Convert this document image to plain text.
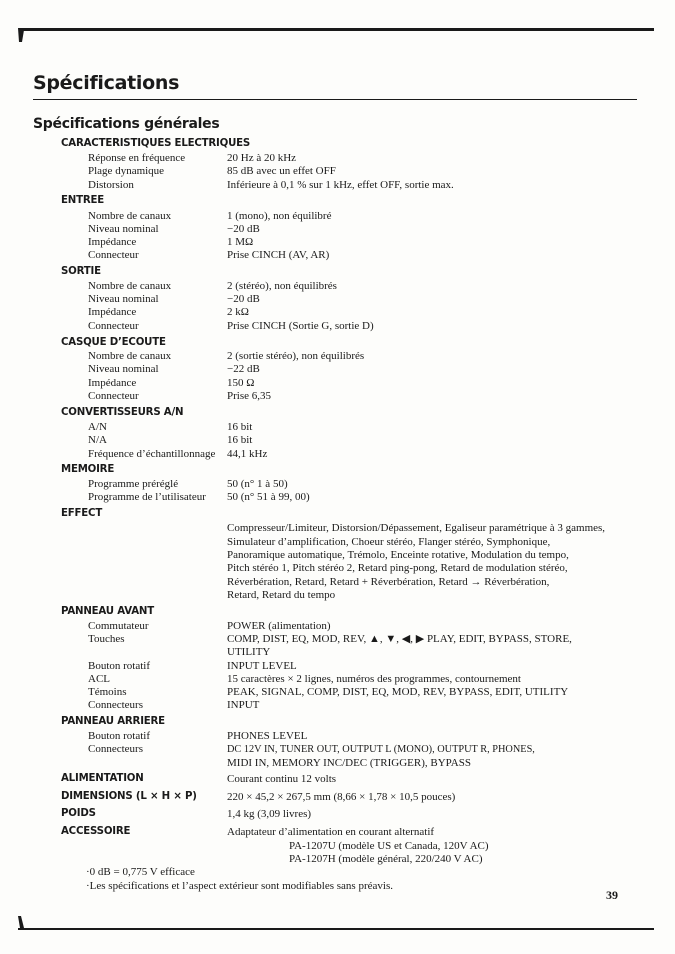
Spécifications
Spécifications générales
CARACTERISTIQUES ELECTRIQUES
Réponse en fréquence	20 Hz à 20 kHz
Plage dynamique	85 dB avec un effet OFF
Distorsion	Inférieure à 0,1 % sur 1 kHz, effet OFF, sortie max.
ENTREE
Nombre de canaux	1 (mono), non équilibré
Niveau nominal	−20 dB
Impédance	1 MΩ
Connecteur	Prise CINCH (AV, AR)
SORTIE
Nombre de canaux	2 (stéréo), non équilibrés
Niveau nominal	−20 dB
Impédance	2 kΩ
Connecteur	Prise CINCH (Sortie G, sortie D)
CASQUE D’ECOUTE
Nombre de canaux	2 (sortie stéréo), non équilibrés
Niveau nominal	−22 dB
Impédance	150 Ω
Connecteur	Prise 6,35
CONVERTISSEURS A/N
A/N	16 bit
N/A	16 bit
Fréquence d’échantillonnage 44,1 kHz
MEMOIRE
Programme préréglé	50 (n° 1 à 50)
Programme de l’utilisateur 50 (n° 51 à 99, 00)
EFFECT
Compresseur/Limiteur, Distorsion/Dépassement, Egaliseur paramétrique à 3 gammes,
Simulateur d’amplification, Choeur stéréo, Flanger stéréo, Symphonique,
Panoramique automatique, Trémolo, Enceinte rotative, Modulation du tempo,
Pitch stéréo 1, Pitch stéréo 2, Retard ping-pong, Retard de modulation stéréo,
Réverbération, Retard, Retard + Réverbération, Retard → Réverbération,
Retard, Retard du tempo
PANNEAU AVANT
Commutateur	POWER (alimentation)
Touches	COMP, DIST, EQ, MOD, REV, ▲, ▼, ◀, ▶ PLAY, EDIT, BYPASS, STORE,
UTILITY
Bouton rotatif	INPUT LEVEL
ACL	15 caractères × 2 lignes, numéros des programmes, contournement
Témoins	PEAK, SIGNAL, COMP, DIST, EQ, MOD, REV, BYPASS, EDIT, UTILITY
Connecteurs	INPUT
PANNEAU ARRIERE
Bouton rotatif	PHONES LEVEL
Connecteurs	DC 12V IN, TUNER OUT, OUTPUT L (MONO), OUTPUT R, PHONES,
MIDI IN, MEMORY INC/DEC (TRIGGER), BYPASS
ALIMENTATION	Courant continu 12 volts
DIMENSIONS (L × H × P)	220 × 45,2 × 267,5 mm (8,66 × 1,78 × 10,5 pouces)
POIDS	1,4 kg (3,09 livres)
ACCESSOIRE	Adaptateur d’alimentation en courant alternatif
PA-1207U (modèle US et Canada, 120V AC)
PA-1207H (modèle général, 220/240 V AC)
·0 dB = 0,775 V efficace
·Les spécifications et l’aspect extérieur sont modifiables sans préavis.
39
